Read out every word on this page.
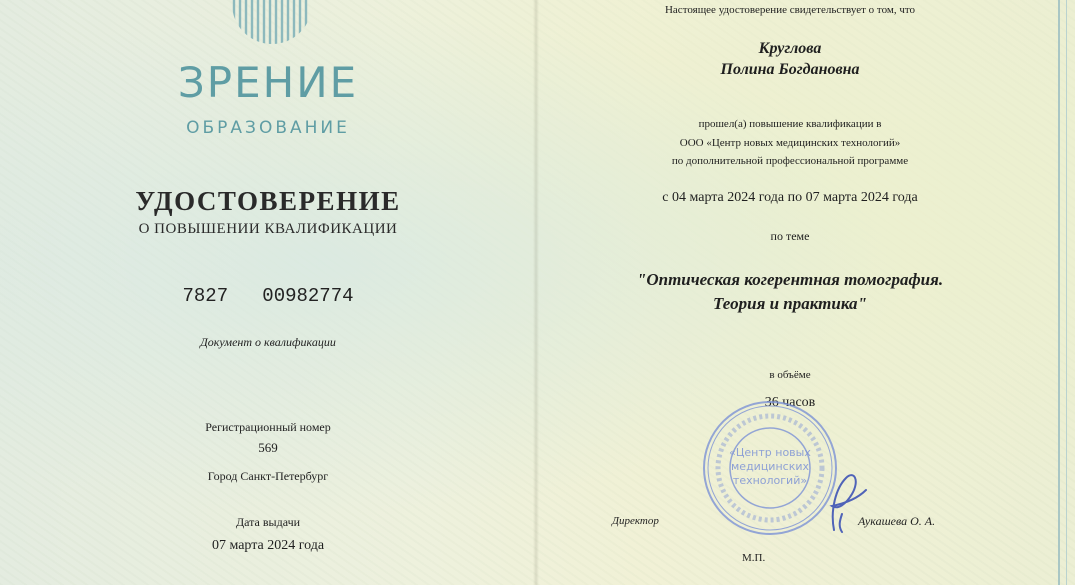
ЗРЕНИЕ
ОБРАЗОВАНИЕ
УДОСТОВЕРЕНИЕ
О ПОВЫШЕНИИ КВАЛИФИКАЦИИ
7827   00982774
Документ о квалификации
Регистрационный номер
569
Город Санкт-Петербург
Дата выдачи
07 марта 2024 года
Настоящее удостоверение свидетельствует о том, что
Круглова
Полина Богдановна
прошел(а) повышение квалификации в
ООО «Центр новых медицинских технологий»
по дополнительной профессиональной программе
с 04 марта 2024 года по 07 марта 2024 года
по теме
"Оптическая когерентная томография.
Теория и практика"
в объёме
36 часов
«Центр новых
медицинских
технологий»
Директор	Аукашева О. А.
М.П.
